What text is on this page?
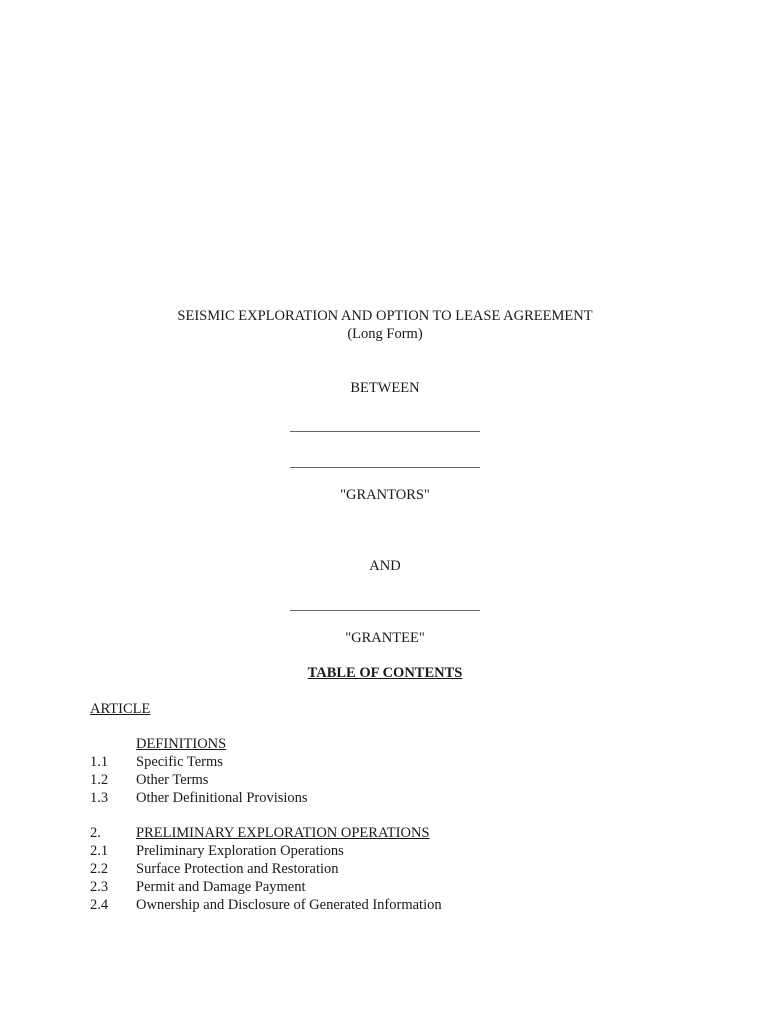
SEISMIC EXPLORATION AND OPTION TO LEASE AGREEMENT
(Long Form)
BETWEEN
"GRANTORS"
AND
"GRANTEE"
TABLE OF CONTENTS
ARTICLE
DEFINITIONS
1.1	Specific Terms
1.2	Other Terms
1.3	Other Definitional Provisions
2.	PRELIMINARY EXPLORATION OPERATIONS
2.1	Preliminary Exploration Operations
2.2	Surface Protection and Restoration
2.3	Permit and Damage Payment
2.4	Ownership and Disclosure of Generated Information
